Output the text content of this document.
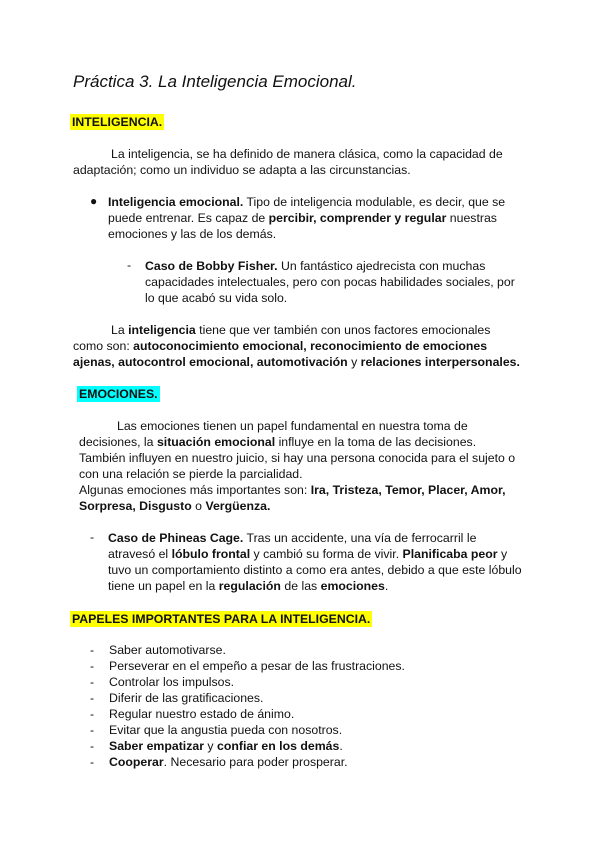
Práctica 3. La Inteligencia Emocional.
INTELIGENCIA.

La inteligencia, se ha definido de manera clásica, como la capacidad de adaptación; como un individuo se adapta a las circunstancias.

● Inteligencia emocional. Tipo de inteligencia modulable, es decir, que se puede entrenar. Es capaz de percibir, comprender y regular nuestras emociones y las de los demás.

- Caso de Bobby Fisher. Un fantástico ajedrecista con muchas capacidades intelectuales, pero con pocas habilidades sociales, por lo que acabó su vida solo.

La inteligencia tiene que ver también con unos factores emocionales como son: autoconocimiento emocional, reconocimiento de emociones ajenas, autocontrol emocional, automotivación y relaciones interpersonales.

EMOCIONES.

Las emociones tienen un papel fundamental en nuestra toma de decisiones, la situación emocional influye en la toma de las decisiones. También influyen en nuestro juicio, si hay una persona conocida para el sujeto o con una relación se pierde la parcialidad.

Algunas emociones más importantes son: Ira, Tristeza, Temor, Placer, Amor, Sorpresa, Disgusto o Vergüenza.

- Caso de Phineas Cage. Tras un accidente, una vía de ferrocarril le atravesó el lóbulo frontal y cambió su forma de vivir. Planificaba peor y tuvo un comportamiento distinto a como era antes, debido a que este lóbulo tiene un papel en la regulación de las emociones.

PAPELES IMPORTANTES PARA LA INTELIGENCIA.
- Saber automotivarse.
- Perseverar en el empeño a pesar de las frustraciones.
- Controlar los impulsos.
- Diferir de las gratificaciones.
- Regular nuestro estado de ánimo.
- Evitar que la angustia pueda con nosotros.
- Saber empatizar y confiar en los demás.
- Cooperar. Necesario para poder prosperar.
